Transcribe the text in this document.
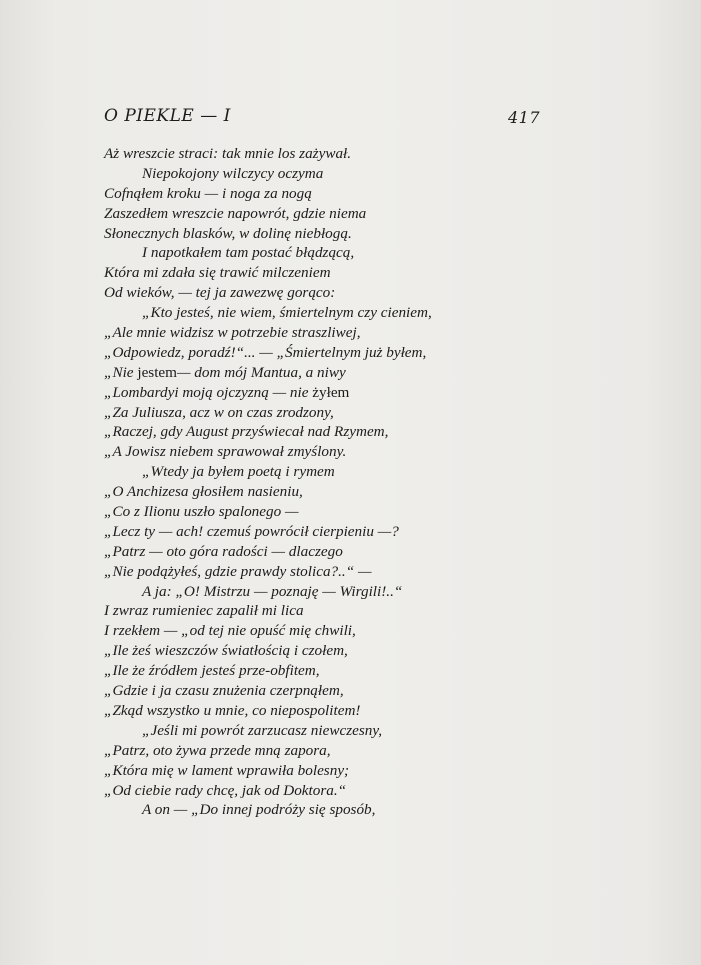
O PIEKLE — I	417
Aż wreszcie straci: tak mnie los zażywał.
Niepokojony wilczycy oczyma
Cofnąłem kroku — i noga za nogą
Zaszedłem wreszcie napowrót, gdzie niema
Słonecznych blasków, w dolinę niebłogą.
I napotkałem tam postać błądzącą,
Która mi zdała się trawić milczeniem
Od wieków, — tej ja zawezwę gorąco:
„Kto jesteś, nie wiem, śmiertelnym czy cieniem,
„Ale mnie widzisz w potrzebie straszliwej,
„Odpowiedz, poradź!“... — „Śmiertelnym już byłem,
„Nie jestem— dom mój Mantua, a niwy
„Lombardyi moją ojczyzną — nie żyłem
„Za Juliusza, acz w on czas zrodzony,
„Raczej, gdy August przyświecał nad Rzymem,
„A Jowisz niebem sprawował zmyślony.
„Wtedy ja byłem poetą i rymem
„O Anchizesa głosiłem nasieniu,
„Co z Ilionu uszło spalonego —
„Lecz ty — ach! czemuś powrócił cierpieniu —?
„Patrz — oto góra radości — dlaczego
„Nie podążyłeś, gdzie prawdy stolica?..“ —
A ja: „O! Mistrzu — poznaję — Wirgili!..“
I zwraz rumieniec zapalił mi lica
I rzekłem — „od tej nie opuść mię chwili,
„Ile żeś wieszczów światłością i czołem,
„Ile że źródłem jesteś prze-obfitem,
„Gdzie i ja czasu znużenia czerpnąłem,
„Zkąd wszystko u mnie, co niepospolitem!
„Jeśli mi powrót zarzucasz niewczesny,
„Patrz, oto żywa przede mną zapora,
„Która mię w lament wprawiła bolesny;
„Od ciebie rady chcę, jak od Doktora.“
A on — „Do innej podróży się sposób,
